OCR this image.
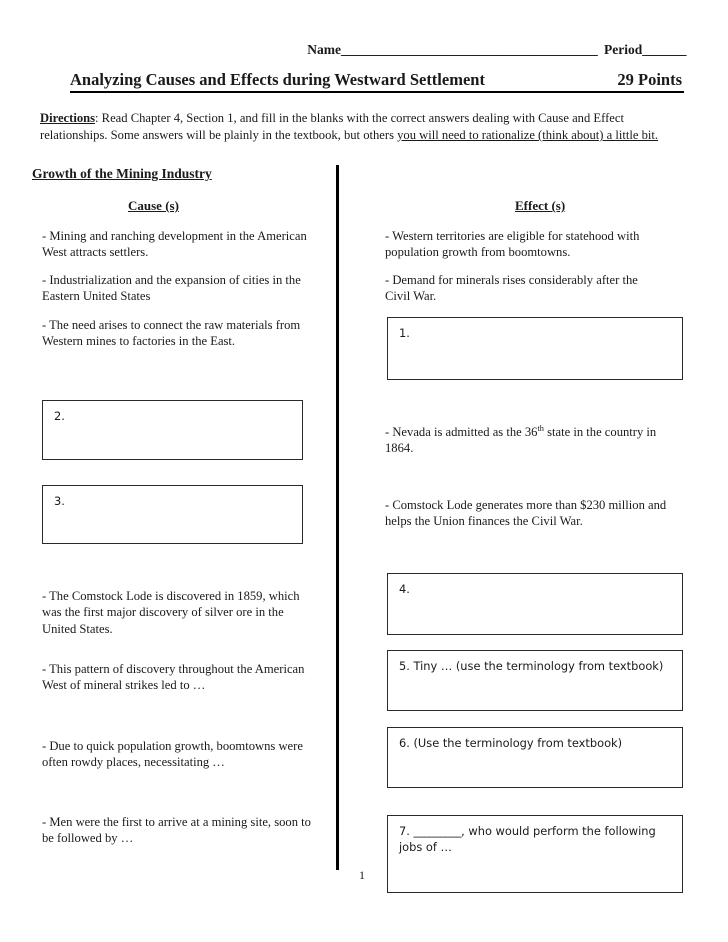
Name_________________________________________ Period_______
Analyzing Causes and Effects during Westward Settlement	29 Points
Directions: Read Chapter 4, Section 1, and fill in the blanks with the correct answers dealing with Cause and Effect relationships. Some answers will be plainly in the textbook, but others you will need to rationalize (think about) a little bit.
Growth of the Mining Industry
Cause (s)	Effect (s)
- Mining and ranching development in the American West attracts settlers.
- Industrialization and the expansion of cities in the Eastern United States
- The need arises to connect the raw materials from Western mines to factories in the East.
- The Comstock Lode is discovered in 1859, which was the first major discovery of silver ore in the United States.
- This pattern of discovery throughout the American West of mineral strikes led to …
- Due to quick population growth, boomtowns were often rowdy places, necessitating …
- Men were the first to arrive at a mining site, soon to be followed by …
2.
3.
- Western territories are eligible for statehood with population growth from boomtowns.
- Demand for minerals rises considerably after the Civil War.
- Nevada is admitted as the 36th state in the country in 1864.
- Comstock Lode generates more than $230 million and helps the Union finances the Civil War.
1.
4.
5. Tiny … (use the terminology from textbook)
6. (Use the terminology from textbook)
7. _________, who would perform the following jobs of …
1
